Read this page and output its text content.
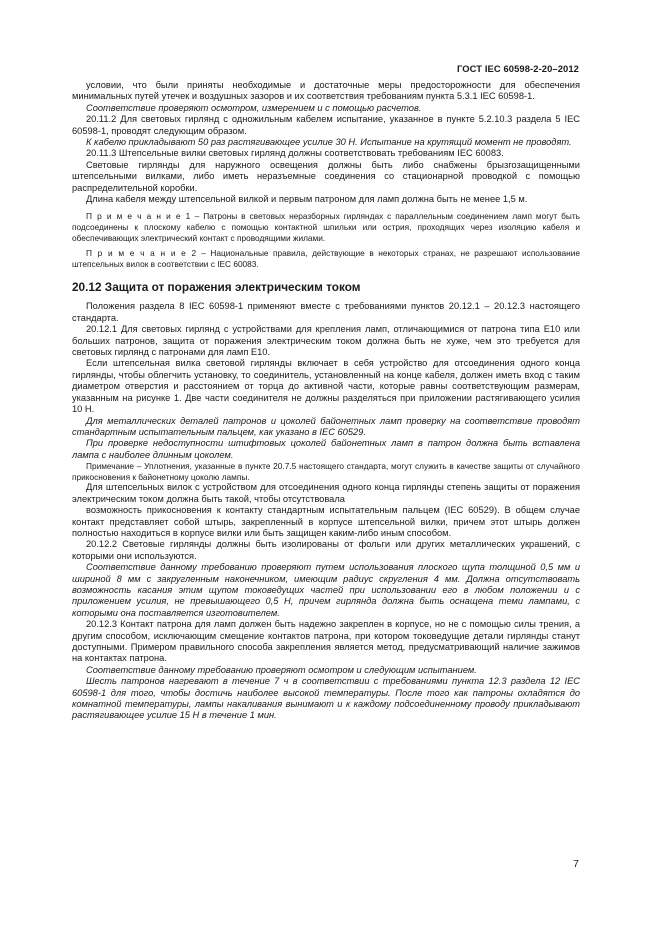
ГОСТ IEC 60598-2-20–2012

условии, что были приняты необходимые и достаточные меры предосторожности для обеспечения минимальных путей утечек и воздушных зазоров и их соответствия требованиям пункта 5.3.1 IEC 60598-1.

Соответствие проверяют осмотром, измерением и с помощью расчетов.

20.11.2 Для световых гирлянд с одножильным кабелем испытание, указанное в пункте 5.2.10.3 раздела 5 IEC 60598-1, проводят следующим образом.

К кабелю прикладывают 50 раз растягивающее усилие 30 Н. Испытание на крутящий момент не проводят.

20.11.3 Штепсельные вилки световых гирлянд должны соответствовать требованиям IEC 60083.

Световые гирлянды для наружного освещения должны быть либо снабжены брызгозащищенными штепсельными вилками, либо иметь неразъемные соединения со стационарной проводкой с помощью распределительной коробки.

Длина кабеля между штепсельной вилкой и первым патроном для ламп должна быть не менее 1,5 м.

П р и м е ч а н и е 1 – Патроны в световых неразборных гирляндах с параллельным соединением ламп могут быть подсоединены к плоскому кабелю с помощью контактной шпильки или острия, проходящих через изоляцию кабеля и обеспечивающих электрический контакт с проводящими жилами.

П р и м е ч а н и е 2 – Национальные правила, действующие в некоторых странах, не разрешают использование штепсельных вилок в соответствии с IEC 60083.

20.12 Защита от поражения электрическим током

Положения раздела 8 IEC 60598-1 применяют вместе с требованиями пунктов 20.12.1 – 20.12.3 настоящего стандарта.

20.12.1 Для световых гирлянд с устройствами для крепления ламп, отличающимися от патрона типа E10 или больших патронов, защита от поражения электрическим током должна быть не хуже, чем это требуется для световых гирлянд с патронами для ламп E10.

Если штепсельная вилка световой гирлянды включает в себя устройство для отсоединения одного конца гирлянды, чтобы облегчить установку, то соединитель, установленный на конце кабеля, должен иметь вход с таким диаметром отверстия и расстоянием от торца до активной части, которые равны соответствующим размерам, указанным на рисунке 1. Две части соединителя не должны разделяться при приложении растягивающего усилия 10 Н.

Для металлических деталей патронов и цоколей байонетных ламп проверку на соответствие проводят стандартным испытательным пальцем, как указано в IEC 60529.

При проверке недоступности штифтовых цоколей байонетных ламп в патрон должна быть вставлена лампа с наиболее длинным цоколем.

Примечание – Уплотнения, указанные в пункте 20.7.5 настоящего стандарта, могут служить в качестве защиты от случайного прикосновения к байонетному цоколю лампы.

Для штепсельных вилок с устройством для отсоединения одного конца гирлянды степень защиты от поражения электрическим током должна быть такой, чтобы отсутствовала

возможность прикосновения к контакту стандартным испытательным пальцем (IEC 60529). В общем случае контакт представляет собой штырь, закрепленный в корпусе штепсельной вилки, причем этот штырь должен полностью находиться в корпусе вилки или быть защищен каким-либо иным способом.

20.12.2 Световые гирлянды должны быть изолированы от фольги или других металлических украшений, с которыми они используются.

Соответствие данному требованию проверяют путем использования плоского щупа толщиной 0,5 мм и шириной 8 мм с закругленным наконечником, имеющим радиус скругления 4 мм. Должна отсутствовать возможность касания этим щупом токоведущих частей при использовании его в любом положении и с приложением усилия, не превышающего 0,5 Н, причем гирлянда должна быть оснащена теми лампами, с которыми она поставляется изготовителем.

20.12.3 Контакт патрона для ламп должен быть надежно закреплен в корпусе, но не с помощью силы трения, а другим способом, исключающим смещение контактов патрона, при котором токоведущие детали гирлянды станут доступными. Примером правильного способа закрепления является метод, предусматривающий наличие зажимов на контактах патрона.

Соответствие данному требованию проверяют осмотром и следующим испытанием.

Шесть патронов нагревают в течение 7 ч в соответствии с требованиями пункта 12.3 раздела 12 IEC 60598-1 для того, чтобы достичь наиболее высокой температуры. После того как патроны охладятся до комнатной температуры, лампы накаливания вынимают и к каждому подсоединенному проводу прикладывают растягивающее усилие 15 Н в течение 1 мин.

7
